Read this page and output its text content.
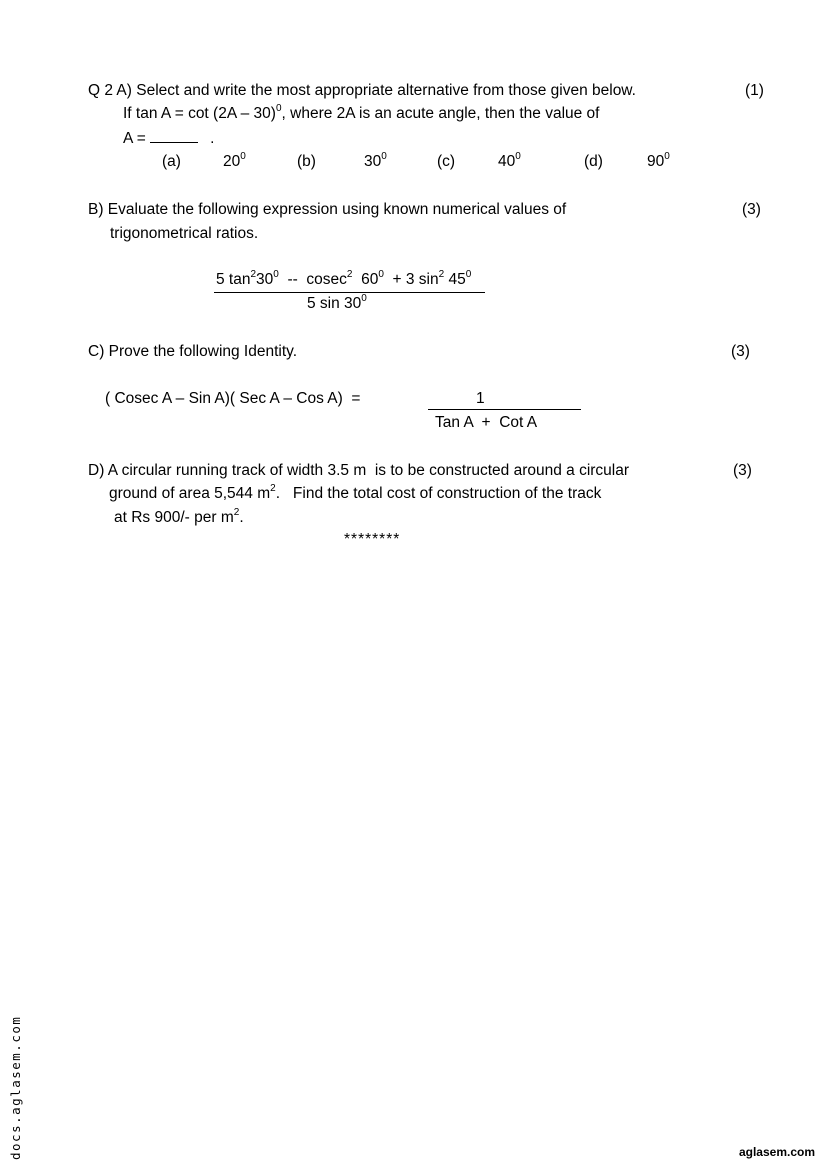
Q 2 A) Select and write the most appropriate alternative from those given below.	(1)
If tan A = cot (2A – 30)$^0$, where 2A is an acute angle, then the value of
A =	.
(a)	$20^0$	(b)	$30^0$	(c)	$40^0$	(d)	$90^0$
B) Evaluate the following expression using known numerical values of	(3)
trigonometrical ratios.
5 $\tan^230^0 -- cosec^2$  $60^0 + 3$ $\sin^2 45^0$
5 $\sin 30^0$
C) Prove the following Identity.	(3)
( Cosec A – Sin A)( Sec A – Cos A)  =	1
Tan A  +  Cot A
D) A circular running track of width 3.5 m  is to be constructed around a circular	(3)
ground of area 5,544 $m^2$.   Find the total cost of construction of the track
at Rs 900/- per $m^2$.
********
docs.aglasem.com	aglasem.com
